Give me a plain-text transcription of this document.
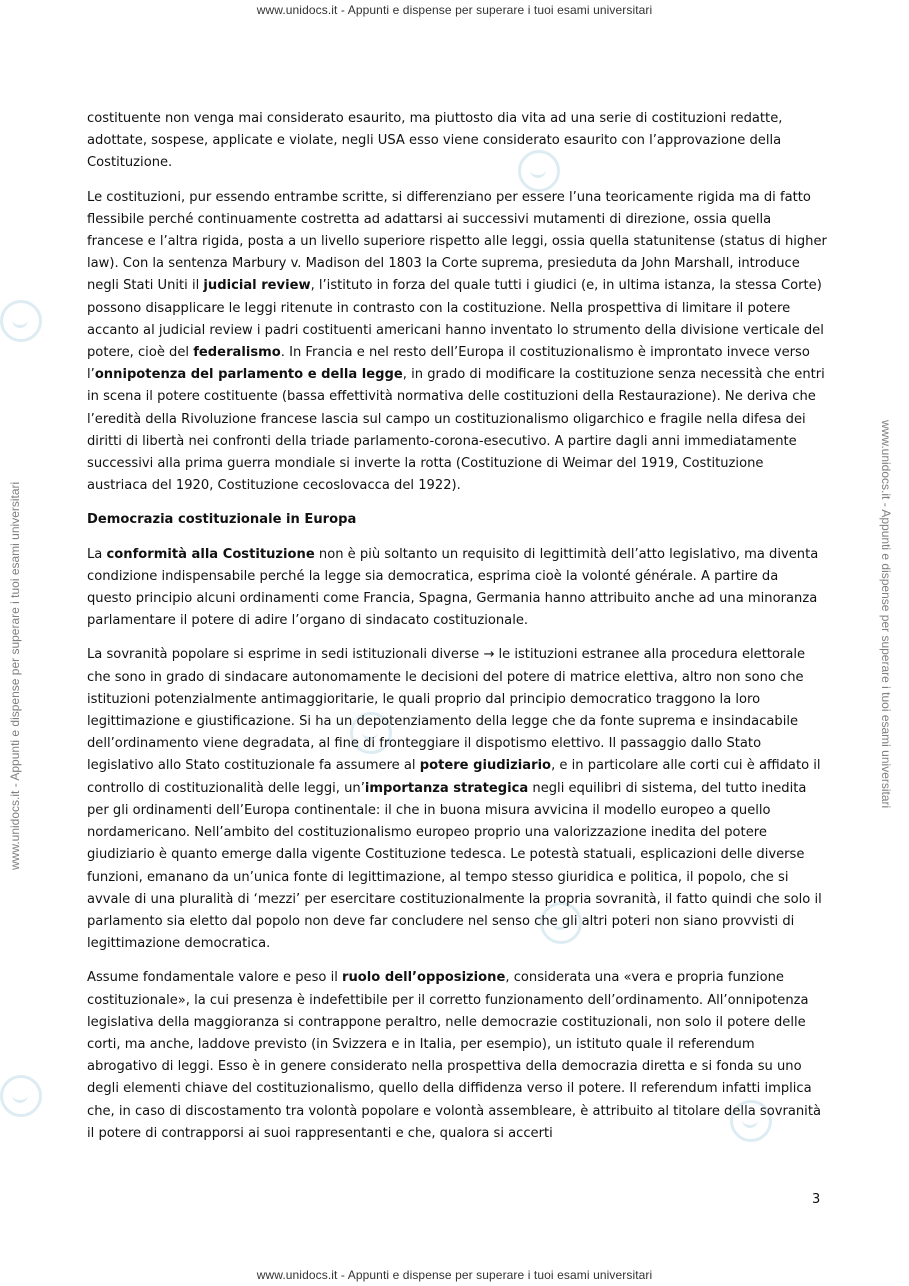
www.unidocs.it - Appunti e dispense per superare i tuoi esami universitari
www.unidocs.it - Appunti e dispense per superare i tuoi esami universitari	www.unidocs.it - Appunti e dispense per superare i tuoi esami universitari

costituente non venga mai considerato esaurito, ma piuttosto dia vita ad una serie di costituzioni redatte, adottate, sospese, applicate e violate, negli USA esso viene considerato esaurito con l’approvazione della Costituzione.

Le costituzioni, pur essendo entrambe scritte, si differenziano per essere l’una teoricamente rigida ma di fatto flessibile perché continuamente costretta ad adattarsi ai successivi mutamenti di direzione, ossia quella francese e l’altra rigida, posta a un livello superiore rispetto alle leggi, ossia quella statunitense (status di higher law). Con la sentenza Marbury v. Madison del 1803 la Corte suprema, presieduta da John Marshall, introduce negli Stati Uniti il judicial review, l’istituto in forza del quale tutti i giudici (e, in ultima istanza, la stessa Corte) possono disapplicare le leggi ritenute in contrasto con la costituzione. Nella prospettiva di limitare il potere accanto al judicial review i padri costituenti americani hanno inventato lo strumento della divisione verticale del potere, cioè del federalismo. In Francia e nel resto dell’Europa il costituzionalismo è improntato invece verso l’onnipotenza del parlamento e della legge, in grado di modificare la costituzione senza necessità che entri in scena il potere costituente (bassa effettività normativa delle costituzioni della Restaurazione). Ne deriva che l’eredità della Rivoluzione francese lascia sul campo un costituzionalismo oligarchico e fragile nella difesa dei diritti di libertà nei confronti della triade parlamento-corona-esecutivo. A partire dagli anni immediatamente successivi alla prima guerra mondiale si inverte la rotta (Costituzione di Weimar del 1919, Costituzione austriaca del 1920, Costituzione cecoslovacca del 1922).

Democrazia costituzionale in Europa

La conformità alla Costituzione non è più soltanto un requisito di legittimità dell’atto legislativo, ma diventa condizione indispensabile perché la legge sia democratica, esprima cioè la volonté générale. A partire da questo principio alcuni ordinamenti come Francia, Spagna, Germania hanno attribuito anche ad una minoranza parlamentare il potere di adire l’organo di sindacato costituzionale.

La sovranità popolare si esprime in sedi istituzionali diverse → le istituzioni estranee alla procedura elettorale che sono in grado di sindacare autonomamente le decisioni del potere di matrice elettiva, altro non sono che istituzioni potenzialmente antimaggioritarie, le quali proprio dal principio democratico traggono la loro legittimazione e giustificazione. Si ha un depotenziamento della legge che da fonte suprema e insindacabile dell’ordinamento viene degradata, al fine di fronteggiare il dispotismo elettivo. Il passaggio dallo Stato legislativo allo Stato costituzionale fa assumere al potere giudiziario, e in particolare alle corti cui è affidato il controllo di costituzionalità delle leggi, un’importanza strategica negli equilibri di sistema, del tutto inedita per gli ordinamenti dell’Europa continentale: il che in buona misura avvicina il modello europeo a quello nordamericano. Nell’ambito del costituzionalismo europeo proprio una valorizzazione inedita del potere giudiziario è quanto emerge dalla vigente Costituzione tedesca. Le potestà statuali, esplicazioni delle diverse funzioni, emanano da un’unica fonte di legittimazione, al tempo stesso giuridica e politica, il popolo, che si avvale di una pluralità di ‘mezzi’ per esercitare costituzionalmente la propria sovranità, il fatto quindi che solo il parlamento sia eletto dal popolo non deve far concludere nel senso che gli altri poteri non siano provvisti di legittimazione democratica.

Assume fondamentale valore e peso il ruolo dell’opposizione, considerata una «vera e propria funzione costituzionale», la cui presenza è indefettibile per il corretto funzionamento dell’ordinamento. All’onnipotenza legislativa della maggioranza si contrappone peraltro, nelle democrazie costituzionali, non solo il potere delle corti, ma anche, laddove previsto (in Svizzera e in Italia, per esempio), un istituto quale il referendum abrogativo di leggi. Esso è in genere considerato nella prospettiva della democrazia diretta e si fonda su uno degli elementi chiave del costituzionalismo, quello della diffidenza verso il potere. Il referendum infatti implica che, in caso di discostamento tra volontà popolare e volontà assembleare, è attribuito al titolare della sovranità il potere di contrapporsi ai suoi rappresentanti e che, qualora si accerti

3
www.unidocs.it - Appunti e dispense per superare i tuoi esami universitari
